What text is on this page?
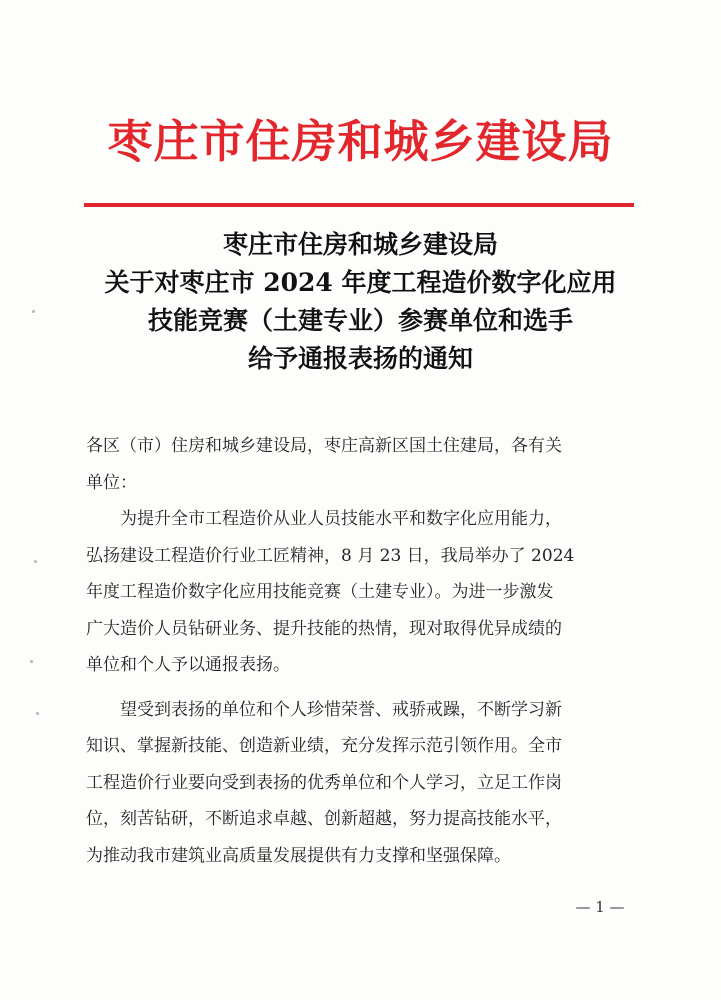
枣庄市住房和城乡建设局
枣庄市住房和城乡建设局
关于对枣庄市 2024 年度工程造价数字化应用
技能竞赛（土建专业）参赛单位和选手
给予通报表扬的通知
各区（市）住房和城乡建设局，枣庄高新区国土住建局，各有关
单位：
　　为提升全市工程造价从业人员技能水平和数字化应用能力，
弘扬建设工程造价行业工匠精神，8 月 23 日，我局举办了 2024
年度工程造价数字化应用技能竞赛（土建专业）。为进一步激发
广大造价人员钻研业务、提升技能的热情，现对取得优异成绩的
单位和个人予以通报表扬。
　　望受到表扬的单位和个人珍惜荣誉、戒骄戒躁，不断学习新
知识、掌握新技能、创造新业绩，充分发挥示范引领作用。全市
工程造价行业要向受到表扬的优秀单位和个人学习，立足工作岗
位，刻苦钻研，不断追求卓越、创新超越，努力提高技能水平，
为推动我市建筑业高质量发展提供有力支撑和坚强保障。
— 1 —
